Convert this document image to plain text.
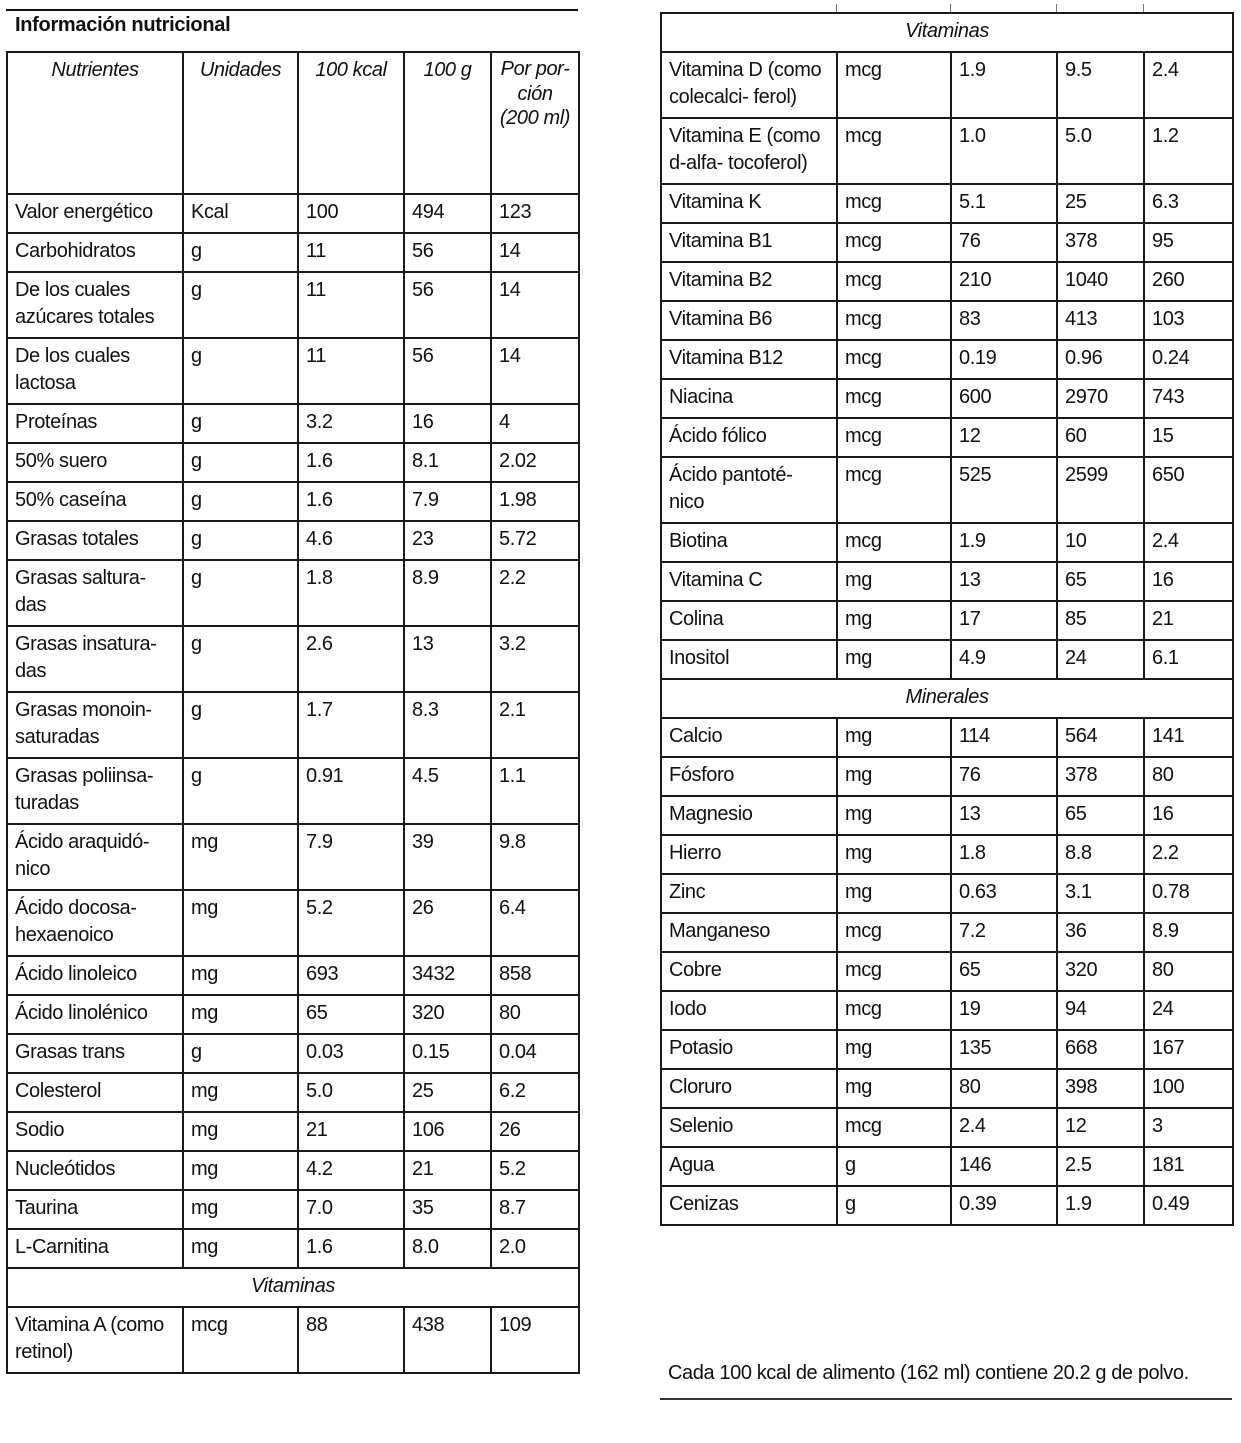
Información nutricional
Nutrientes	Unidades	100 kcal	100 g	Por por- ción (200 ml)
Valor energético	Kcal	100	494	123
Carbohidratos	g	11	56	14
De los cuales azúcares totales	g	11	56	14
De los cuales lactosa	g	11	56	14
Proteínas	g	3.2	16	4
50% suero	g	1.6	8.1	2.02
50% caseína	g	1.6	7.9	1.98
Grasas totales	g	4.6	23	5.72
Grasas saltura- das	g	1.8	8.9	2.2
Grasas insatura- das	g	2.6	13	3.2
Grasas monoin- saturadas	g	1.7	8.3	2.1
Grasas poliinsa- turadas	g	0.91	4.5	1.1
Ácido araquidó- nico	mg	7.9	39	9.8
Ácido docosa- hexaenoico	mg	5.2	26	6.4
Ácido linoleico	mg	693	3432	858
Ácido linolénico	mg	65	320	80
Grasas trans	g	0.03	0.15	0.04
Colesterol	mg	5.0	25	6.2
Sodio	mg	21	106	26
Nucleótidos	mg	4.2	21	5.2
Taurina	mg	7.0	35	8.7
L-Carnitina	mg	1.6	8.0	2.0
Vitaminas				
Vitamina A (como retinol)	mcg	88	438	109
Vitaminas				
Vitamina D (como colecalci- ferol)	mcg	1.9	9.5	2.4
Vitamina E (como d-alfa- tocoferol)	mcg	1.0	5.0	1.2
Vitamina K	mcg	5.1	25	6.3
Vitamina B1	mcg	76	378	95
Vitamina B2	mcg	210	1040	260
Vitamina B6	mcg	83	413	103
Vitamina B12	mcg	0.19	0.96	0.24
Niacina	mcg	600	2970	743
Ácido fólico	mcg	12	60	15
Ácido pantoté- nico	mcg	525	2599	650
Biotina	mcg	1.9	10	2.4
Vitamina C	mg	13	65	16
Colina	mg	17	85	21
Inositol	mg	4.9	24	6.1
Minerales				
Calcio	mg	114	564	141
Fósforo	mg	76	378	80
Magnesio	mg	13	65	16
Hierro	mg	1.8	8.8	2.2
Zinc	mg	0.63	3.1	0.78
Manganeso	mcg	7.2	36	8.9
Cobre	mcg	65	320	80
Iodo	mcg	19	94	24
Potasio	mg	135	668	167
Cloruro	mg	80	398	100
Selenio	mcg	2.4	12	3
Agua	g	146	2.5	181
Cenizas	g	0.39	1.9	0.49
Cada 100 kcal de alimento (162 ml) contiene 20.2 g de polvo.
